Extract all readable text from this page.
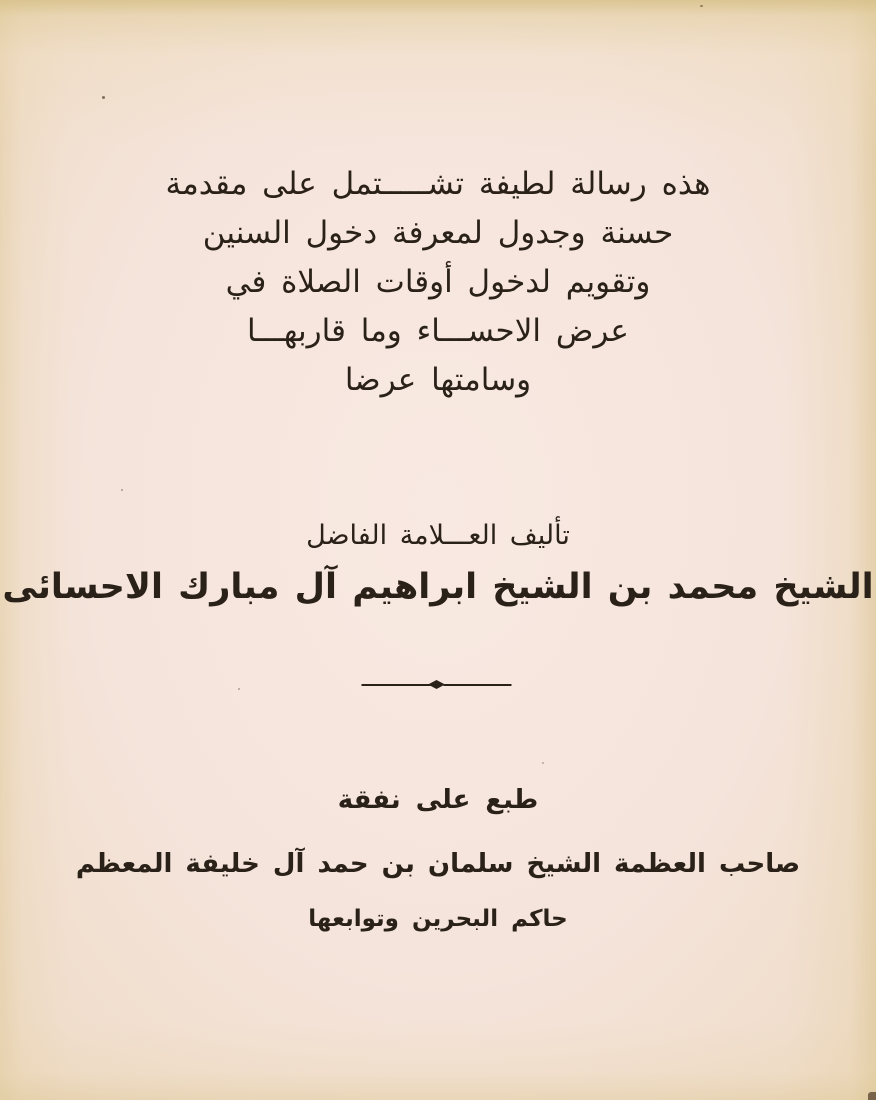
هذه رسالة لطيفة تشـــــتمل على مقدمة
حسنة وجدول لمعرفة دخول السنين
وتقويم لدخول أوقات الصلاة في
عرض الاحســـاء وما قاربهـــا
وسامتها عرضا
تأليف العـــلامة الفاضل
الشيخ محمد بن الشيخ ابراهيم آل مبارك الاحسائى
طبع على نفقة
صاحب العظمة الشيخ سلمان بن حمد آل خليفة المعظم
حاكم البحرين وتوابعها
